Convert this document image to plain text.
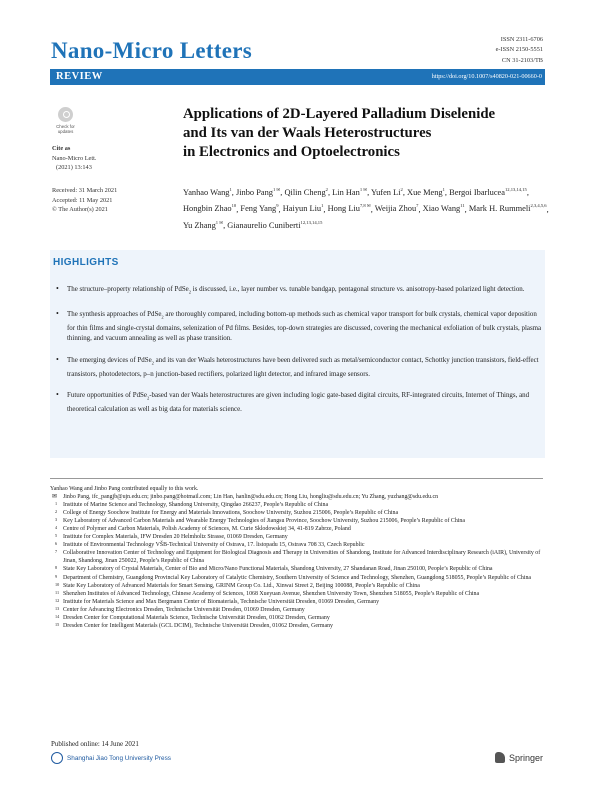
Nano-Micro Letters	ISSN 2311-6706
e-ISSN 2150-5551
CN 31-2103/TB
REVIEW	https://doi.org/10.1007/s40820-021-00660-0
Check for updates
Cite as
Nano-Micro Lett.
(2021) 13:143
Received: 31 March 2021
Accepted: 11 May 2021
© The Author(s) 2021
Applications of 2D-Layered Palladium Diselenide
and Its van der Waals Heterostructures
in Electronics and Optoelectronics
Yanhao Wang$^1$, Jinbo Pang$^{1 ✉}$, Qilin Cheng$^2$, Lin Han$^{1 ✉}$, Yufen Li$^2$, Xue Meng$^1$, Bergoi Ibarlucea$^{12,13,14,15}$, Hongbin Zhao$^{10}$, Feng Yang$^9$, Haiyun Liu$^1$, Hong Liu$^{7,8 ✉}$, Weijia Zhou$^7$, Xiao Wang$^{11}$, Mark H. Rummeli$^{2,3,4,5,6}$, Yu Zhang$^{1 ✉}$, Gianaurelio Cuniberti$^{12,13,14,15}$
HIGHLIGHTS
• The structure–property relationship of PdSe$_2$ is discussed, i.e., layer number vs. tunable bandgap, pentagonal structure vs. anisotropy-based polarized light detection.
• The synthesis approaches of PdSe$_2$ are thoroughly compared, including bottom-up methods such as chemical vapor transport for bulk crystals, chemical vapor deposition for thin films and single-crystal domains, selenization of Pd films. Besides, top-down strategies are discussed, covering the mechanical exfoliation of bulk crystals, plasma thinning, and vacuum annealing as well as phase transition.
• The emerging devices of PdSe$_2$ and its van der Waals heterostructures have been delivered such as metal/semiconductor contact, Schottky junction transistors, field-effect transistors, photodetectors, p–n junction-based rectifiers, polarized light detector, and infrared image sensors.
• Future opportunities of PdSe$_2$-based van der Waals heterostructures are given including logic gate-based digital circuits, RF-integrated circuits, Internet of Things, and theoretical calculation as well as big data for materials science.
Yanhao Wang and Jinbo Pang contributed equally to this work.
✉ Jinbo Pang, ifc_pangjb@ujn.edu.cn; jinbo.pang@hotmail.com; Lin Han, hanlin@sdu.edu.cn; Hong Liu, hongliu@sdu.edu.cn; Yu Zhang, yuzhang@sdu.edu.cn
1 Institute of Marine Science and Technology, Shandong University, Qingdao 266237, People’s Republic of China
2 College of Energy Soochow Institute for Energy and Materials Innovations, Soochow University, Suzhou 215006, People’s Republic of China
3 Key Laboratory of Advanced Carbon Materials and Wearable Energy Technologies of Jiangsu Province, Soochow University, Suzhou 215006, People’s Republic of China
4 Centre of Polymer and Carbon Materials, Polish Academy of Sciences, M. Curie Sklodowskiej 34, 41-819 Zabrze, Poland
5 Institute for Complex Materials, IFW Dresden 20 Helmholtz Strasse, 01069 Dresden, Germany
6 Institute of Environmental Technology VŠB-Technical University of Ostrava, 17. listopadu 15, Ostrava 708 33, Czech Republic
7 Collaborative Innovation Center of Technology and Equipment for Biological Diagnosis and Therapy in Universities of Shandong, Institute for Advanced Interdisciplinary Research (iAIR), University of Jinan, Shandong, Jinan 250022, People’s Republic of China
8 State Key Laboratory of Crystal Materials, Center of Bio and Micro/Nano Functional Materials, Shandong University, 27 Shandanan Road, Jinan 250100, People’s Republic of China
9 Department of Chemistry, Guangdong Provincial Key Laboratory of Catalytic Chemistry, Southern University of Science and Technology, Shenzhen, Guangdong 518055, People’s Republic of China
10 State Key Laboratory of Advanced Materials for Smart Sensing, GRINM Group Co. Ltd., Xinwai Street 2, Beijing 100088, People’s Republic of China
11 Shenzhen Institutes of Advanced Technology, Chinese Academy of Sciences, 1068 Xueyuan Avenue, Shenzhen University Town, Shenzhen 518055, People’s Republic of China
12 Institute for Materials Science and Max Bergmann Center of Biomaterials, Technische Universität Dresden, 01069 Dresden, Germany
13 Center for Advancing Electronics Dresden, Technische Universität Dresden, 01069 Dresden, Germany
14 Dresden Center for Computational Materials Science, Technische Universität Dresden, 01062 Dresden, Germany
15 Dresden Center for Intelligent Materials (GCL DCIM), Technische Universität Dresden, 01062 Dresden, Germany
Published online: 14 June 2021
Shanghai Jiao Tong University Press	Springer
